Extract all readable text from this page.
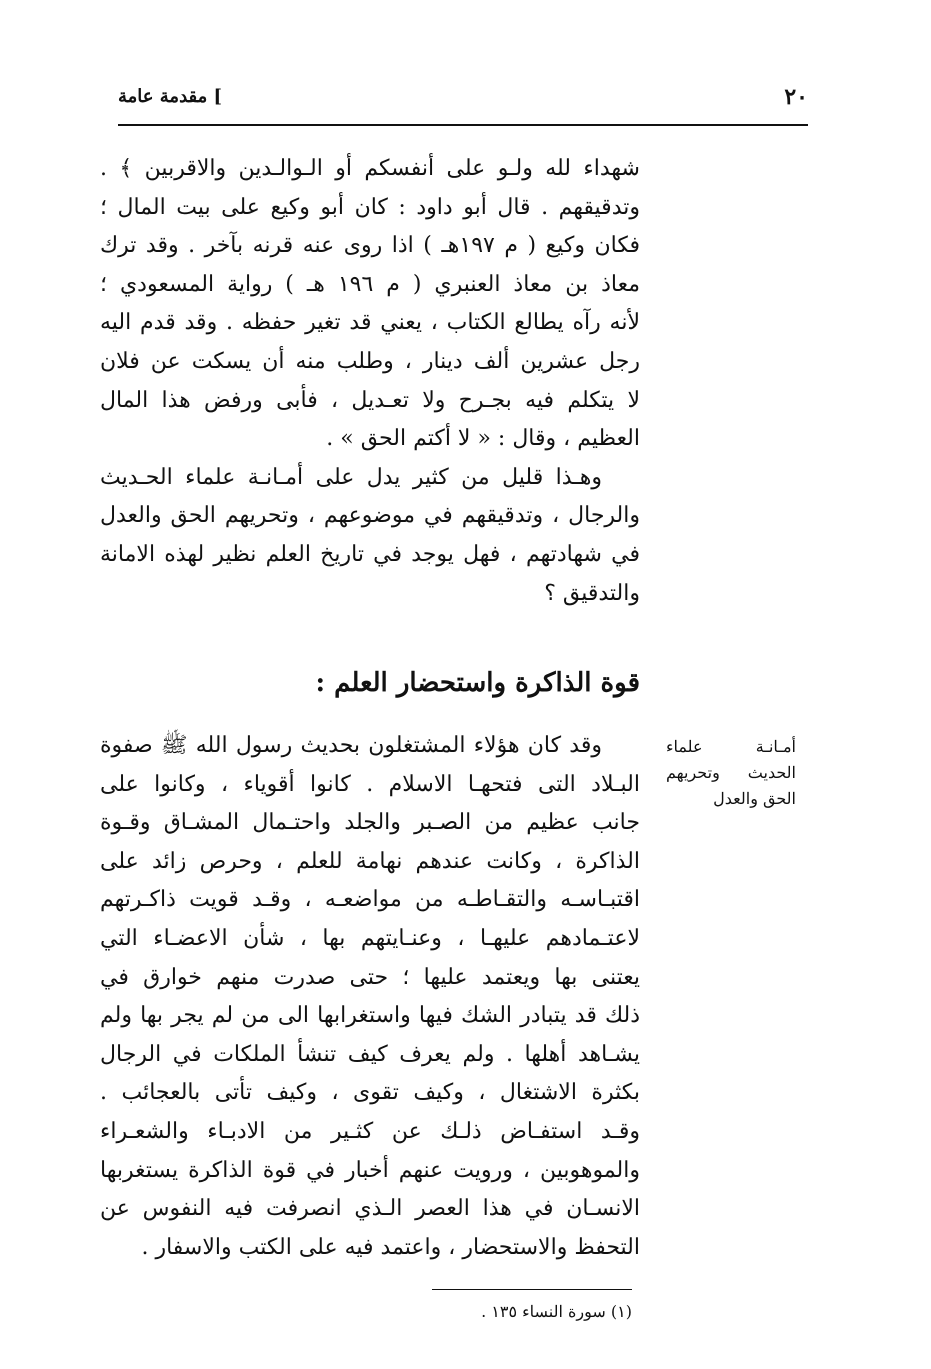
٢٠
] مقدمة عامة
شهداء لله ولـو على أنفسكم أو الـوالـدين والاقربين ﴾ .
وتدقيقهم . قال أبو داود : كان أبو وكيع على بيت المال ؛
فكان وكيع ( م ١٩٧هـ ) اذا روى عنه قرنه بآخر . وقد ترك
معاذ بن معاذ العنبري ( م ١٩٦ هـ ) رواية المسعودي ؛
لأنه رآه يطالع الكتاب ، يعني قد تغير حفظه . وقد قدم اليه
رجل عشرين ألف دينار ، وطلب منه أن يسكت عن فلان
لا يتكلم فيه بجـرح ولا تعـديل ، فأبى ورفض هذا المال
العظيم ، وقال : « لا أكتم الحق » .
وهـذا قليل من كثير يدل على أمـانـة علماء الحـديث
والرجال ، وتدقيقهم في موضوعهم ، وتحريهم الحق والعدل
في شهادتهم ، فهل يوجد في تاريخ العلم نظير لهذه الامانة
والتدقيق ؟
قوة الذاكرة واستحضار العلم :
أمـانـة علماء
الحديث وتحريهم
الحق والعدل
وقد كان هؤلاء المشتغلون بحديث رسول الله ﷺ صفوة
البـلاد التى فتحهـا الاسلام . كانوا أقوياء ، وكانوا على
جانب عظيم من الصـبر والجلد واحتـمال المشـاق وقـوة
الذاكرة ، وكانت عندهم نهامة للعلم ، وحرص زائد على
اقتبـاسـه والتقـاطـه من مواضعـه ، وقـد قويت ذاكـرتهم
لاعتـمادهم عليهـا ، وعنـايتهم بها ، شأن الاعضـاء التي
يعتنى بها ويعتمد عليها ؛ حتى صدرت منهم خوارق في
ذلك قد يتبادر الشك فيها واستغرابها الى من لم يجر بها ولم
يشـاهد أهلها . ولم يعرف كيف تنشأ الملكات في الرجال
بكثرة الاشتغال ، وكيف تقوى ، وكيف تأتى بالعجائب .
وقـد استفـاض ذلـك عن كثـير من الادبـاء والشعـراء
والموهوبين ، ورويت عنهم أخبار في قوة الذاكرة يستغربها
الانسـان في هذا العصر الـذي انصرفت فيه النفوس عن
التحفظ والاستحضار ، واعتمد فيه على الكتب والاسفار .
(١) سورة النساء ١٣٥ .
